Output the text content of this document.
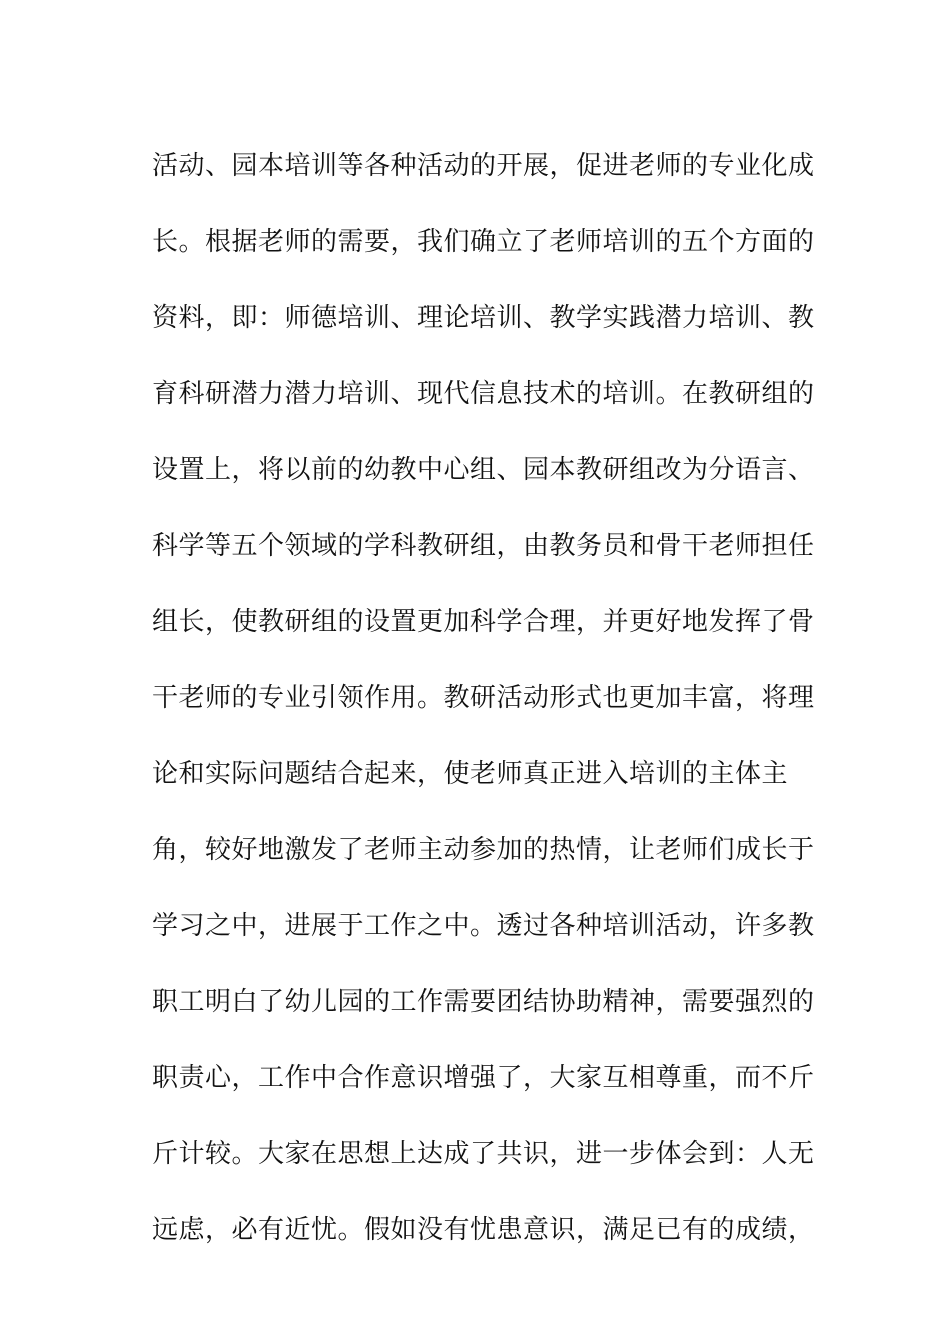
活动、园本培训等各种活动的开展，促进老师的专业化成
长。根据老师的需要，我们确立了老师培训的五个方面的
资料，即：师德培训、理论培训、教学实践潜力培训、教
育科研潜力潜力培训、现代信息技术的培训。在教研组的
设置上，将以前的幼教中心组、园本教研组改为分语言、
科学等五个领域的学科教研组，由教务员和骨干老师担任
组长，使教研组的设置更加科学合理，并更好地发挥了骨
干老师的专业引领作用。教研活动形式也更加丰富，将理
论和实际问题结合起来，使老师真正进入培训的主体主
角，较好地激发了老师主动参加的热情，让老师们成长于
学习之中，进展于工作之中。透过各种培训活动，许多教
职工明白了幼儿园的工作需要团结协助精神，需要强烈的
职责心，工作中合作意识增强了，大家互相尊重，而不斤
斤计较。大家在思想上达成了共识，进一步体会到：人无
远虑，必有近忧。假如没有忧患意识，满足已有的成绩，
